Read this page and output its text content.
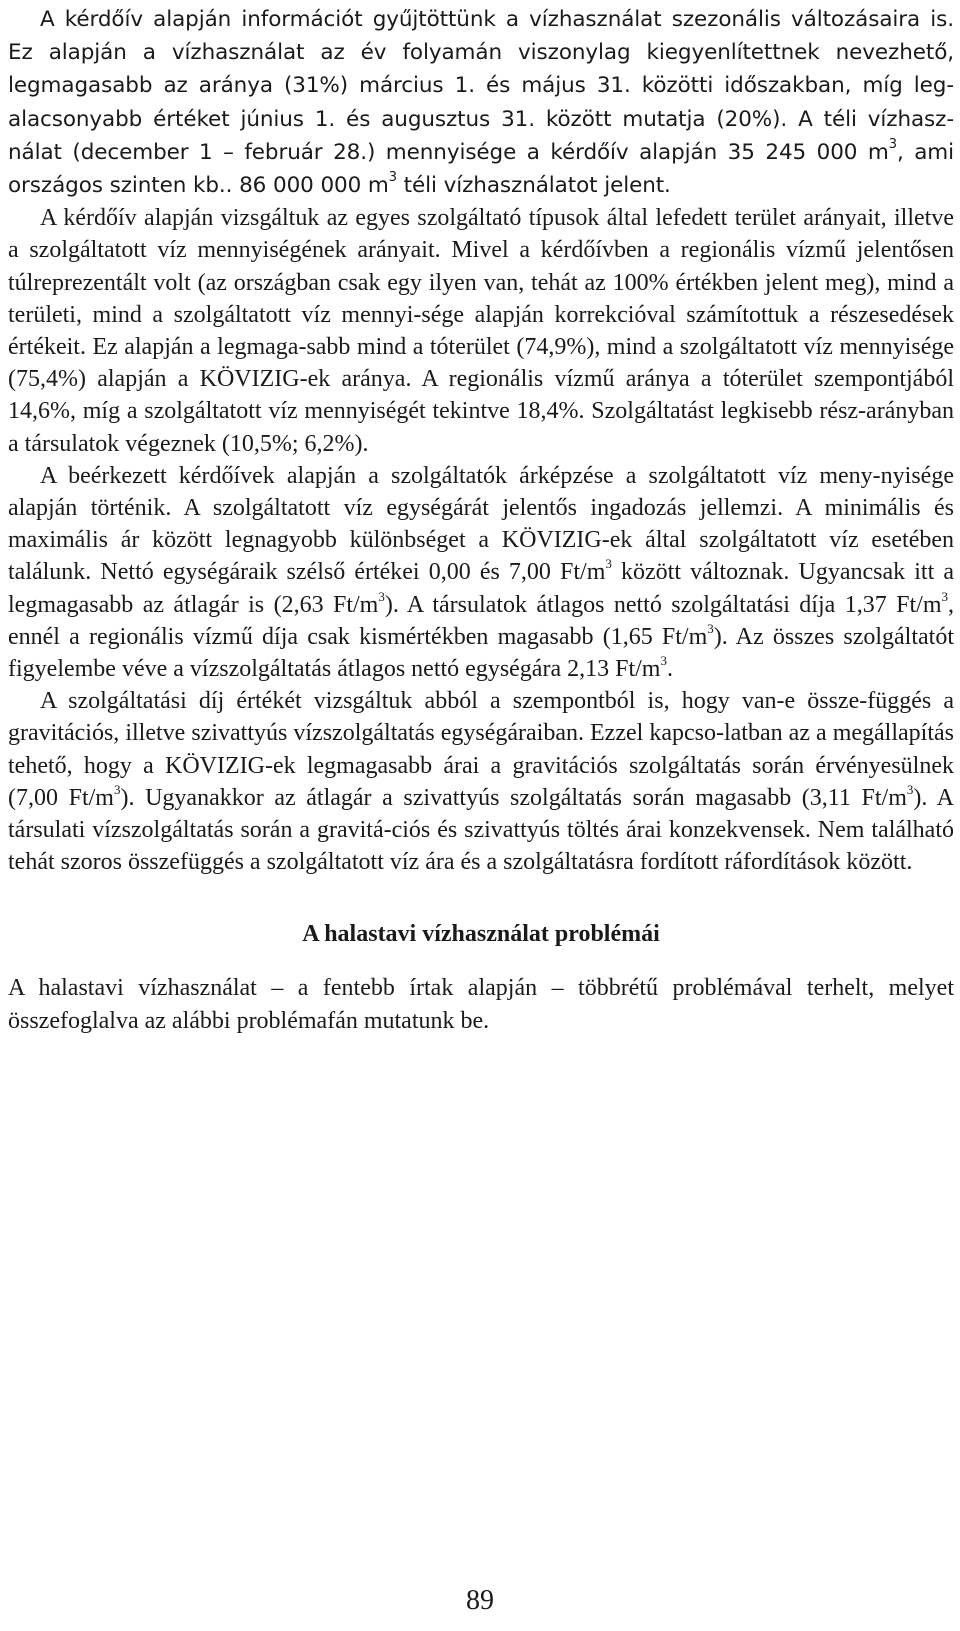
A kérdőív alapján információt gyűjtöttünk a vízhasználat szezonális változásaira is. Ez alapján a vízhasználat az év folyamán viszonylag kiegyenlítettnek nevezhető, legmagasabb az aránya (31%) március 1. és május 31. közötti időszakban, míg leg-alacsonyabb értéket június 1. és augusztus 31. között mutatja (20%). A téli vízhasz-nálat (december 1 – február 28.) mennyisége a kérdőív alapján 35 245 000 $m^3$, ami országos szinten kb.. 86 000 000 $m^3$ téli vízhasználatot jelent.

A kérdőív alapján vizsgáltuk az egyes szolgáltató típusok által lefedett terület arányait, illetve a szolgáltatott víz mennyiségének arányait. Mivel a kérdőívben a regionális vízmű jelentősen túlreprezentált volt (az országban csak egy ilyen van, tehát az 100% értékben jelent meg), mind a területi, mind a szolgáltatott víz mennyi-sége alapján korrekcióval számítottuk a részesedések értékeit. Ez alapján a legmaga-sabb mind a tóterület (74,9%), mind a szolgáltatott víz mennyisége (75,4%) alapján a KÖVIZIG-ek aránya. A regionális vízmű aránya a tóterület szempontjából 14,6%, míg a szolgáltatott víz mennyiségét tekintve 18,4%. Szolgáltatást legkisebb rész-arányban a társulatok végeznek (10,5%; 6,2%).

A beérkezett kérdőívek alapján a szolgáltatók árképzése a szolgáltatott víz meny-nyisége alapján történik. A szolgáltatott víz egységárát jelentős ingadozás jellemzi. A minimális és maximális ár között legnagyobb különbséget a KÖVIZIG-ek által szolgáltatott víz esetében találunk. Nettó egységáraik szélső értékei 0,00 és 7,00 $Ft/m^3$ között változnak. Ugyancsak itt a legmagasabb az átlagár is (2,63 $Ft/m^3$). A társulatok átlagos nettó szolgáltatási díja 1,37 $Ft/m^3$, ennél a regionális vízmű díja csak kismértékben magasabb (1,65 $Ft/m^3$). Az összes szolgáltatót figyelembe véve a vízszolgáltatás átlagos nettó egységára 2,13 $Ft/m^3$.

A szolgáltatási díj értékét vizsgáltuk abból a szempontból is, hogy van-e össze-függés a gravitációs, illetve szivattyús vízszolgáltatás egységáraiban. Ezzel kapcso-latban az a megállapítás tehető, hogy a KÖVIZIG-ek legmagasabb árai a gravitációs szolgáltatás során érvényesülnek (7,00 $Ft/m^3$). Ugyanakkor az átlagár a szivattyús szolgáltatás során magasabb (3,11 $Ft/m^3$). A társulati vízszolgáltatás során a gravitá-ciós és szivattyús töltés árai konzekvensek. Nem található tehát szoros összefüggés a szolgáltatott víz ára és a szolgáltatásra fordított ráfordítások között.

A halastavi vízhasználat problémái

A halastavi vízhasználat – a fentebb írtak alapján – többrétű problémával terhelt, melyet összefoglalva az alábbi problémafán mutatunk be.

89
